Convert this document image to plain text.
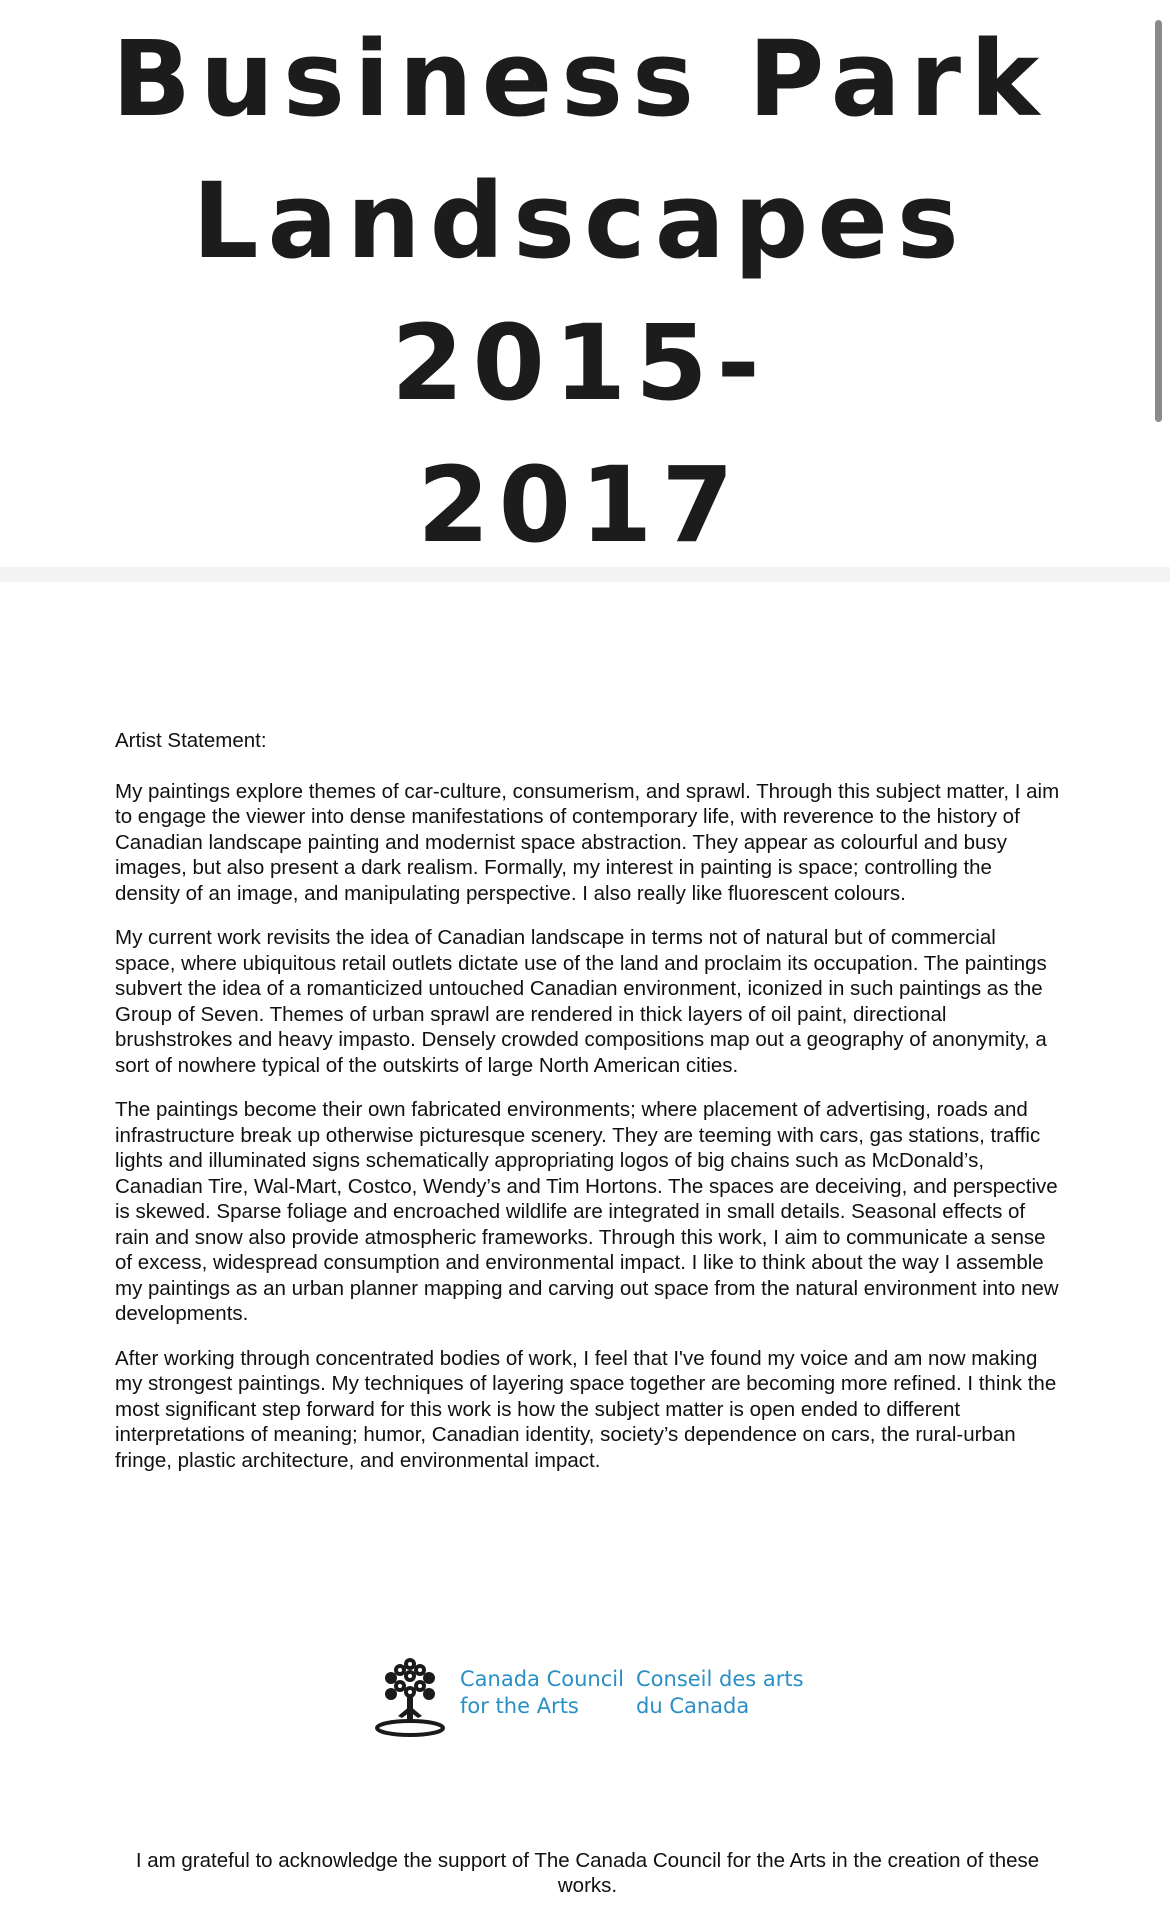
Business Park
Landscapes 2015-
2017

Artist Statement:

My paintings explore themes of car-culture, consumerism, and sprawl. Through this subject matter, I aim to engage the viewer into dense manifestations of contemporary life, with reverence to the history of Canadian landscape painting and modernist space abstraction. They appear as colourful and busy images, but also present a dark realism. Formally, my interest in painting is space; controlling the density of an image, and manipulating perspective. I also really like fluorescent colours.

My current work revisits the idea of Canadian landscape in terms not of natural but of commercial space, where ubiquitous retail outlets dictate use of the land and proclaim its occupation. The paintings subvert the idea of a romanticized untouched Canadian environment, iconized in such paintings as the Group of Seven. Themes of urban sprawl are rendered in thick layers of oil paint, directional brushstrokes and heavy impasto. Densely crowded compositions map out a geography of anonymity, a sort of nowhere typical of the outskirts of large North American cities.

The paintings become their own fabricated environments; where placement of advertising, roads and infrastructure break up otherwise picturesque scenery. They are teeming with cars, gas stations, traffic lights and illuminated signs schematically appropriating logos of big chains such as McDonald’s, Canadian Tire, Wal-Mart, Costco, Wendy’s and Tim Hortons. The spaces are deceiving, and perspective is skewed. Sparse foliage and encroached wildlife are integrated in small details. Seasonal effects of rain and snow also provide atmospheric frameworks. Through this work, I aim to communicate a sense of excess, widespread consumption and environmental impact. I like to think about the way I assemble my paintings as an urban planner mapping and carving out space from the natural environment into new developments.

After working through concentrated bodies of work, I feel that I've found my voice and am now making my strongest paintings. My techniques of layering space together are becoming more refined. I think the most significant step forward for this work is how the subject matter is open ended to different interpretations of meaning; humor, Canadian identity, society’s dependence on cars, the rural-urban fringe, plastic architecture, and environmental impact.

Canada Council
for the Arts
Conseil des arts
du Canada
I am grateful to acknowledge the support of The Canada Council for the Arts in the creation of these works.
